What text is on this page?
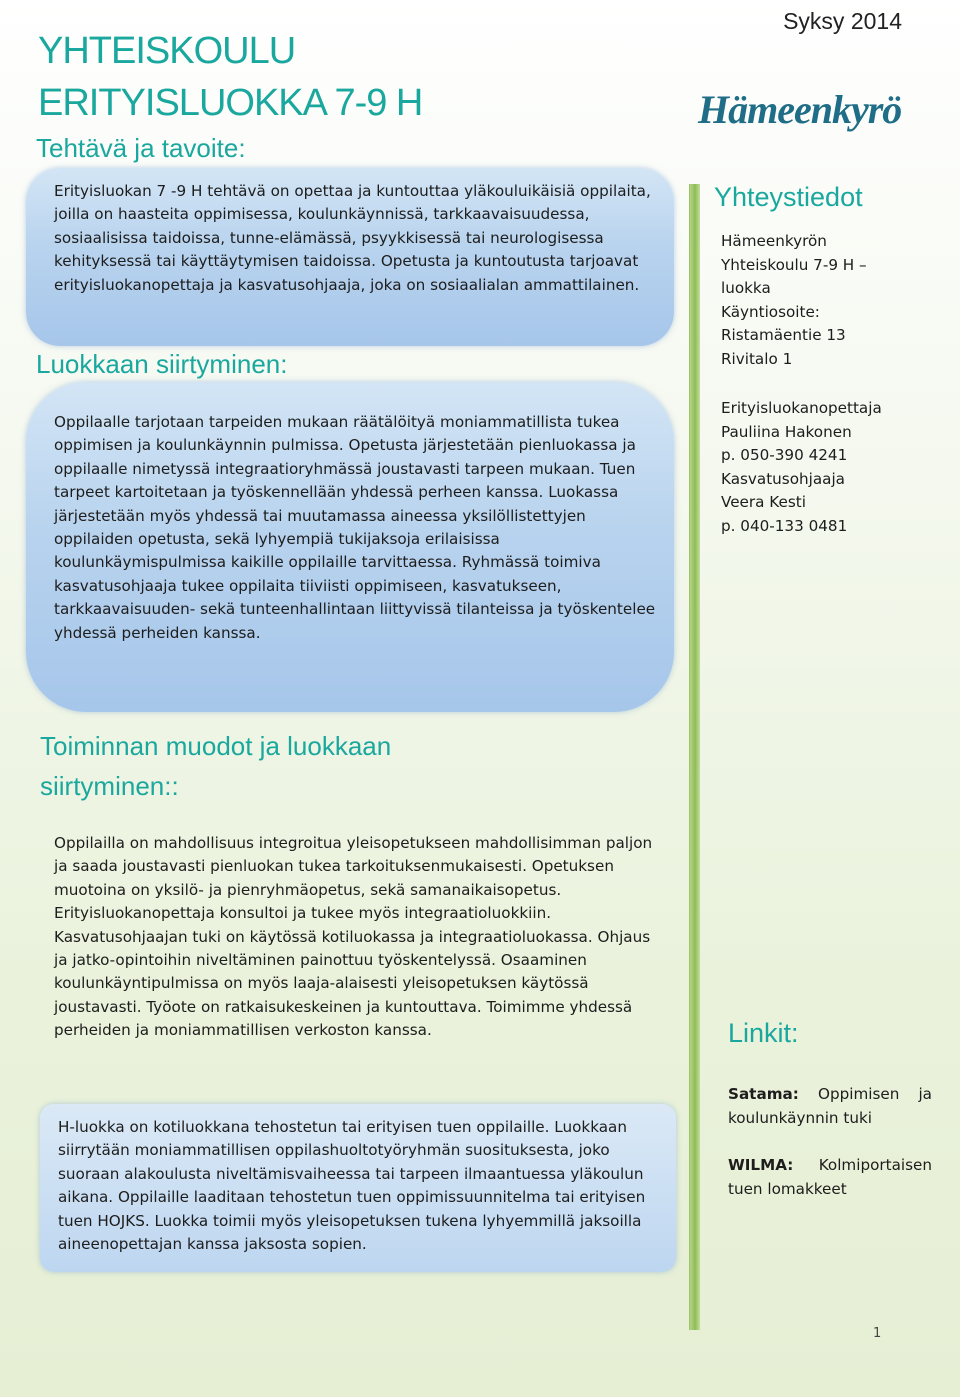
Syksy 2014
YHTEISKOULU
ERITYISLUOKKA 7-9 H	Hämeenkyrö
Tehtävä ja tavoite:
Erityisluokan 7 -9 H tehtävä on opettaa ja kuntouttaa yläkouluikäisiä oppilaita, joilla on haasteita oppimisessa, koulunkäynnissä, tarkkaavaisuudessa, sosiaalisissa taidoissa, tunne-elämässä, psyykkisessä tai neurologisessa kehityksessä tai käyttäytymisen taidoissa. Opetusta ja kuntoutusta tarjoavat erityisluokanopettaja ja kasvatusohjaaja, joka on sosiaalialan ammattilainen.
Luokkaan siirtyminen:
Oppilaalle tarjotaan tarpeiden mukaan räätälöityä moniammatillista tukea oppimisen ja koulunkäynnin pulmissa. Opetusta järjestetään pienluokassa ja oppilaalle nimetyssä integraatioryhmässä joustavasti tarpeen mukaan. Tuen tarpeet kartoitetaan ja työskennellään yhdessä perheen kanssa. Luokassa järjestetään myös yhdessä tai muutamassa aineessa yksilöllistettyjen oppilaiden opetusta, sekä lyhyempiä tukijaksoja erilaisissa koulunkäymispulmissa kaikille oppilaille tarvittaessa. Ryhmässä toimiva kasvatusohjaaja tukee oppilaita tiiviisti oppimiseen, kasvatukseen, tarkkaavaisuuden- sekä tunteenhallintaan liittyvissä tilanteissa ja työskentelee yhdessä perheiden kanssa.
Toiminnan muodot ja luokkaan
siirtyminen::
Oppilailla on mahdollisuus integroitua yleisopetukseen mahdollisimman paljon ja saada joustavasti pienluokan tukea tarkoituksenmukaisesti. Opetuksen muotoina on yksilö- ja pienryhmäopetus, sekä samanaikaisopetus. Erityisluokanopettaja konsultoi ja tukee myös integraatioluokkiin. Kasvatusohjaajan tuki on käytössä kotiluokassa ja integraatioluokassa. Ohjaus ja jatko-opintoihin niveltäminen painottuu työskentelyssä. Osaaminen koulunkäyntipulmissa on myös laaja-alaisesti yleisopetuksen käytössä joustavasti. Työote on ratkaisukeskeinen ja kuntouttava. Toimimme yhdessä perheiden ja moniammatillisen verkoston kanssa.
H-luokka on kotiluokkana tehostetun tai erityisen tuen oppilaille. Luokkaan siirrytään moniammatillisen oppilashuoltotyöryhmän suosituksesta, joko suoraan alakoulusta niveltämisvaiheessa tai tarpeen ilmaantuessa yläkoulun aikana. Oppilaille laaditaan tehostetun tuen oppimissuunnitelma tai erityisen tuen HOJKS. Luokka toimii myös yleisopetuksen tukena lyhyemmillä jaksoilla aineenopettajan kanssa jaksosta sopien.
Yhteystiedot
Hämeenkyrön
Yhteiskoulu 7-9 H –
luokka
Käyntiosoite:
Ristamäentie 13
Rivitalo 1
Erityisluokanopettaja
Pauliina Hakonen
p. 050-390 4241
Kasvatusohjaaja
Veera Kesti
p. 040-133 0481
Linkit:
Satama: Oppimisen ja koulunkäynnin tuki
WILMA: Kolmiportaisen tuen lomakkeet
1
